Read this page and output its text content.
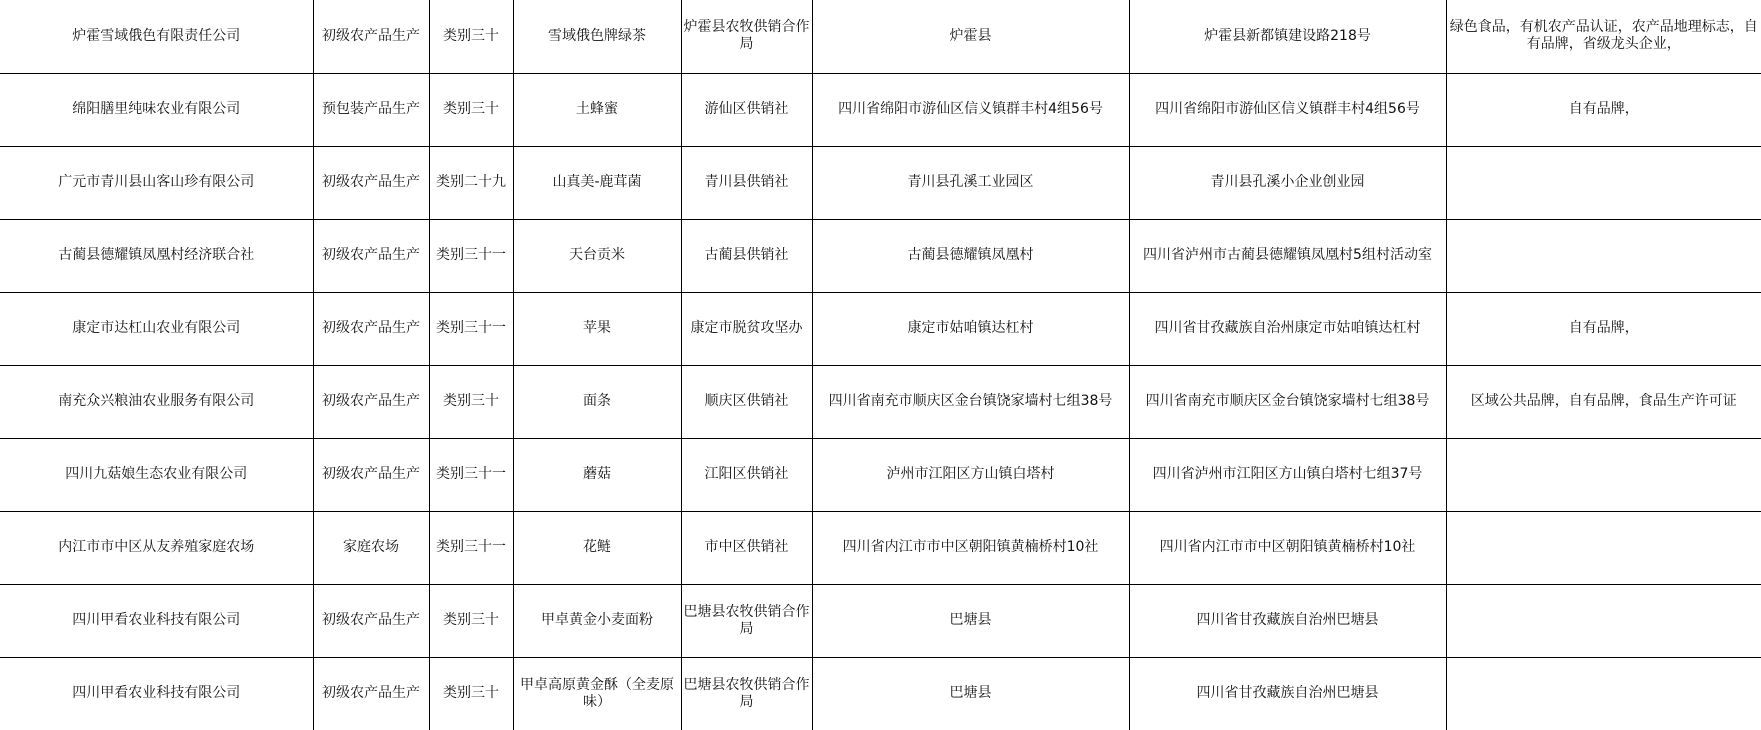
炉霍雪域俄色有限责任公司	初级农产品生产	类别三十	雪域俄色牌绿茶	炉霍县农牧供销合作局	炉霍县	炉霍县新都镇建设路218号	绿色食品，有机农产品认证，农产品地理标志，自有品牌，省级龙头企业，
绵阳膳里纯味农业有限公司	预包装产品生产	类别三十	土蜂蜜	游仙区供销社	四川省绵阳市游仙区信义镇群丰村4组56号	四川省绵阳市游仙区信义镇群丰村4组56号	自有品牌，
广元市青川县山客山珍有限公司	初级农产品生产	类别二十九	山真美-鹿茸菌	青川县供销社	青川县孔溪工业园区	青川县孔溪小企业创业园	
古蔺县德耀镇凤凰村经济联合社	初级农产品生产	类别三十一	天台贡米	古蔺县供销社	古蔺县德耀镇凤凰村	四川省泸州市古蔺县德耀镇凤凰村5组村活动室	
康定市达杠山农业有限公司	初级农产品生产	类别三十一	苹果	康定市脱贫攻坚办	康定市姑咱镇达杠村	四川省甘孜藏族自治州康定市姑咱镇达杠村	自有品牌，
南充众兴粮油农业服务有限公司	初级农产品生产	类别三十	面条	顺庆区供销社	四川省南充市顺庆区金台镇饶家墙村七组38号	四川省南充市顺庆区金台镇饶家墙村七组38号	区域公共品牌，自有品牌，食品生产许可证
四川九菇娘生态农业有限公司	初级农产品生产	类别三十一	蘑菇	江阳区供销社	泸州市江阳区方山镇白塔村	四川省泸州市江阳区方山镇白塔村七组37号	
内江市市中区从友养殖家庭农场	家庭农场	类别三十一	花鲢	市中区供销社	四川省内江市市中区朝阳镇黄楠桥村10社	四川省内江市市中区朝阳镇黄楠桥村10社	
四川甲看农业科技有限公司	初级农产品生产	类别三十	甲卓黄金小麦面粉	巴塘县农牧供销合作局	巴塘县	四川省甘孜藏族自治州巴塘县	
四川甲看农业科技有限公司	初级农产品生产	类别三十	甲卓高原黄金酥（全麦原味）	巴塘县农牧供销合作局	巴塘县	四川省甘孜藏族自治州巴塘县	
